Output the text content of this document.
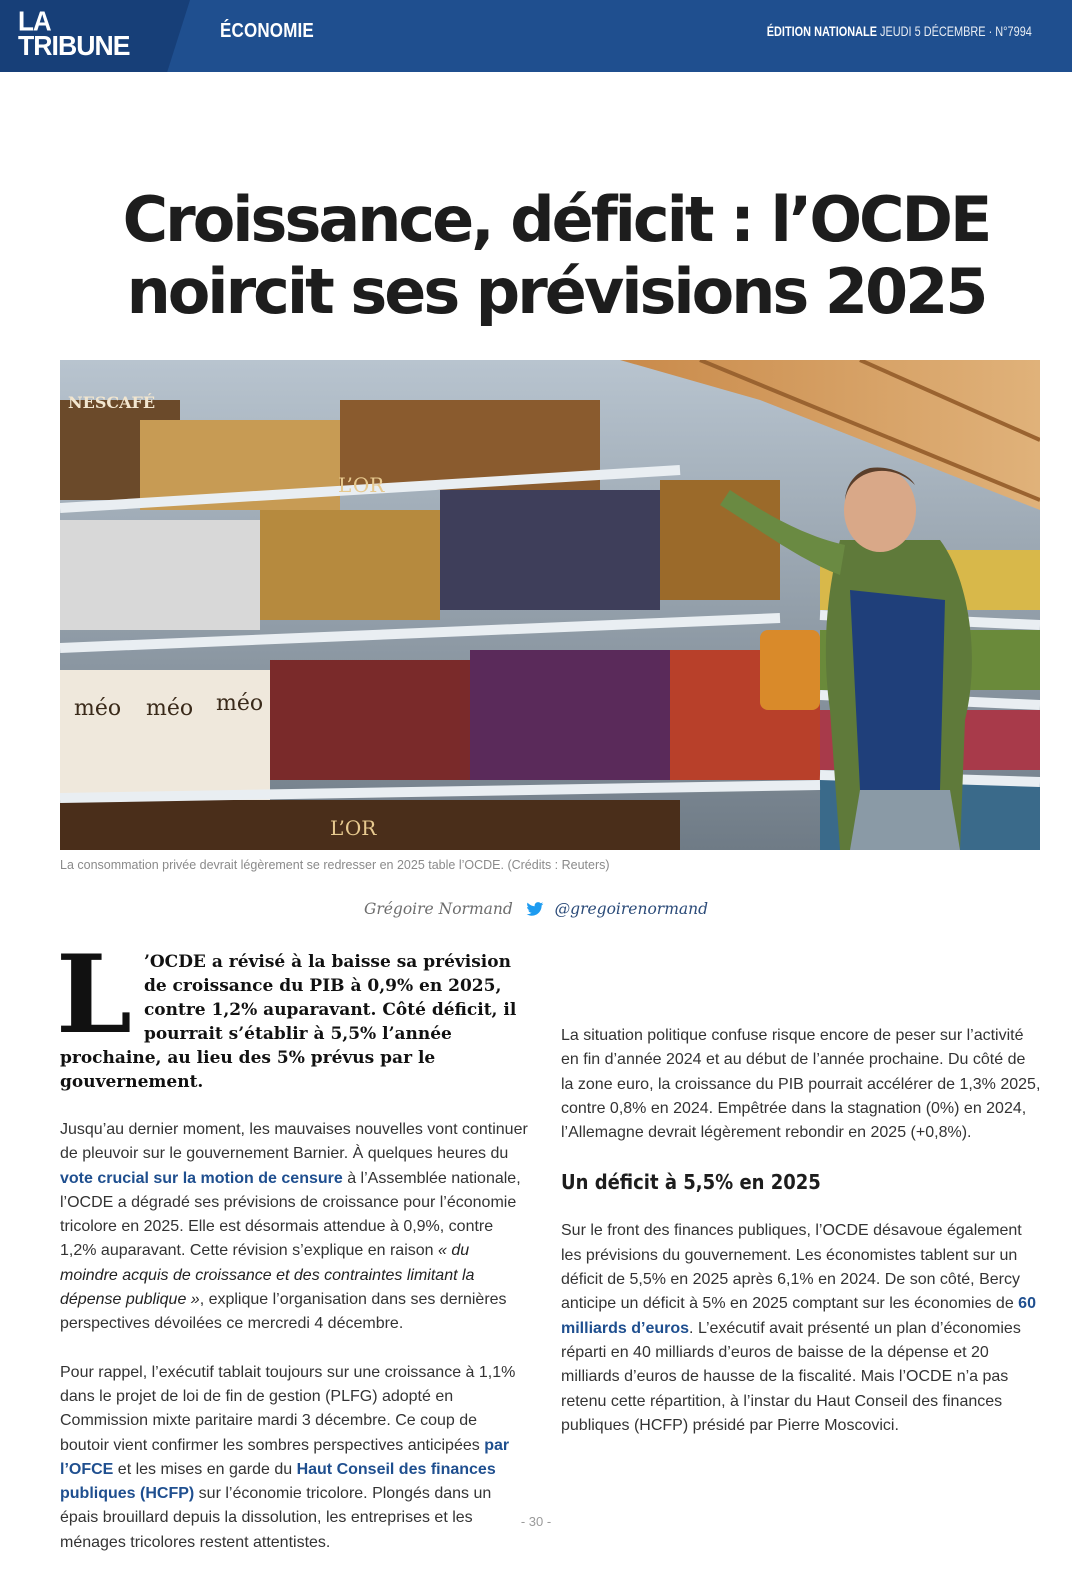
LA
TRIBUNE	ÉCONOMIE	ÉDITION NATIONALE JEUDI 5 DÉCEMBRE · N°7994
Croissance, déficit : l’OCDE noircit ses prévisions 2025
NESCAFÉ
méo méo méo
L’OR
L’OR
La consommation privée devrait légèrement se redresser en 2025 table l’OCDE. (Crédits : Reuters)
Grégoire Normand	@gregoirenormand
L ’OCDE a révisé à la baisse sa prévision de croissance du PIB à 0,9% en 2025, contre 1,2% auparavant. Côté déficit, il pourrait s’établir à 5,5% l’année prochaine, au lieu des 5% prévus par le gouvernement.

Jusqu’au dernier moment, les mauvaises nouvelles vont continuer de pleuvoir sur le gouvernement Barnier. À quelques heures du vote crucial sur la motion de censure à l’Assemblée nationale, l’OCDE a dégradé ses prévisions de croissance pour l’économie tricolore en 2025. Elle est désormais attendue à 0,9%, contre 1,2% auparavant. Cette révision s’explique en raison « du moindre acquis de croissance et des contraintes limitant la dépense publique », explique l’organisation dans ses dernières perspectives dévoilées ce mercredi 4 décembre.

Pour rappel, l’exécutif tablait toujours sur une croissance à 1,1% dans le projet de loi de fin de gestion (PLFG) adopté en Commission mixte paritaire mardi 3 décembre. Ce coup de boutoir vient confirmer les sombres perspectives anticipées par l’OFCE et les mises en garde du Haut Conseil des finances publiques (HCFP) sur l’économie tricolore. Plongés dans un épais brouillard depuis la dissolution, les entreprises et les ménages tricolores restent attentistes.

La situation politique confuse risque encore de peser sur l’activité en fin d’année 2024 et au début de l’année prochaine. Du côté de la zone euro, la croissance du PIB pourrait accélérer de 1,3% 2025, contre 0,8% en 2024. Empêtrée dans la stagnation (0%) en 2024, l’Allemagne devrait légèrement rebondir en 2025 (+0,8%).

Un déficit à 5,5% en 2025

Sur le front des finances publiques, l’OCDE désavoue également les prévisions du gouvernement. Les économistes tablent sur un déficit de 5,5% en 2025 après 6,1% en 2024. De son côté, Bercy anticipe un déficit à 5% en 2025 comptant sur les économies de 60 milliards d’euros. L’exécutif avait présenté un plan d’économies réparti en 40 milliards d’euros de baisse de la dépense et 20 milliards d’euros de hausse de la fiscalité. Mais l’OCDE n’a pas retenu cette répartition, à l’instar du Haut Conseil des finances publiques (HCFP) présidé par Pierre Moscovici.

- 30 -
